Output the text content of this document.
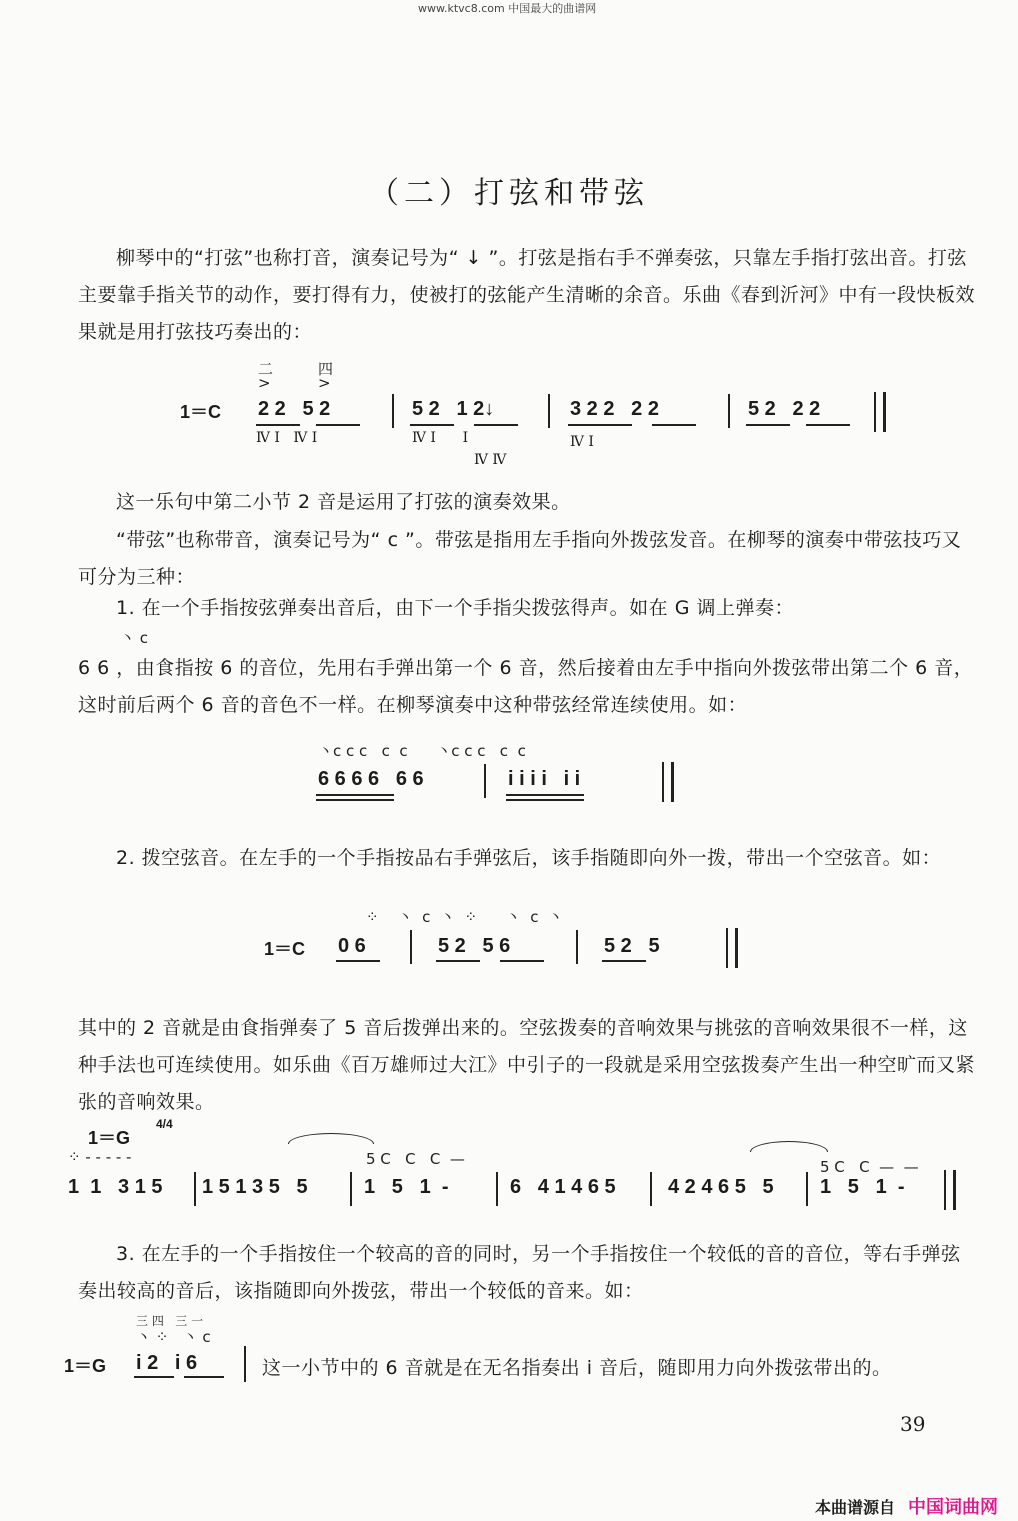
www.ktvc8.com 中国最大的曲谱网
（二）打弦和带弦

柳琴中的“打弦”也称打音，演奏记号为“ ↓ ”。打弦是指右手不弹奏弦，只靠左手指打弦出音。打弦主要靠手指关节的动作，要打得有力，使被打的弦能产生清晰的余音。乐曲《春到沂河》中有一段快板效果就是用打弦技巧奏出的：

二	四
>	>
1＝C 2 2   5 2	5 2   1 2↓	3 2 2   2 2	5 2   2 2
Ⅳ Ⅰ   Ⅳ Ⅰ	Ⅳ Ⅰ      Ⅰ	Ⅳ Ⅰ
Ⅳ Ⅳ

这一乐句中第二小节 2 音是运用了打弦的演奏效果。

“带弦”也称带音，演奏记号为“ c ”。带弦是指用左手指向外拨弦发音。在柳琴的演奏中带弦技巧又可分为三种：

1. 在一个手指按弦弹奏出音后，由下一个手指尖拨弦得声。如在 G 调上弹奏：

丶 c

6 6 ，由食指按 6 的音位，先用右手弹出第一个 6 音，然后接着由左手中指向外拨弦带出第二个 6 音，这时前后两个 6 音的音色不一样。在柳琴演奏中这种带弦经常连续使用。如：

丶c c c   c  c      丶c c c   c  c
6 6 6 6   6 6	i i i i   i i

2. 拨空弦音。在左手的一个手指按品右手弹弦后，该手指随即向外一拨，带出一个空弦音。如：

⁘    丶  c  丶  ⁘      丶  c  丶
1＝C 0 6	5 2   5 6	5 2   5

其中的 2 音就是由食指弹奏了 5 音后拨弹出来的。空弦拨奏的音响效果与挑弦的音响效果很不一样，这种手法也可连续使用。如乐曲《百万雄师过大江》中引子的一段就是采用空弦拨奏产生出一种空旷而又紧张的音响效果。

1＝G
4/4
⁘ - - - - -	5 C   C   C  —	5 C   C  —  —
1  1   3 1 5 1 5 1 3 5   5	1   5   1  -	6   4 1 4 6 5	4 2 4 6 5   5 1   5   1  -

3. 在左手的一个手指按住一个较高的音的同时，另一个手指按住一个较低的音的音位，等右手弹弦奏出较高的音后，该指随即向外拨弦，带出一个较低的音来。如：

三 四   三 一
丶 ⁘   丶 c
1＝G i 2   i 6	这一小节中的 6 音就是在无名指奏出 i 音后，随即用力向外拨弦带出的。
39
本曲谱源自 中国词曲网
